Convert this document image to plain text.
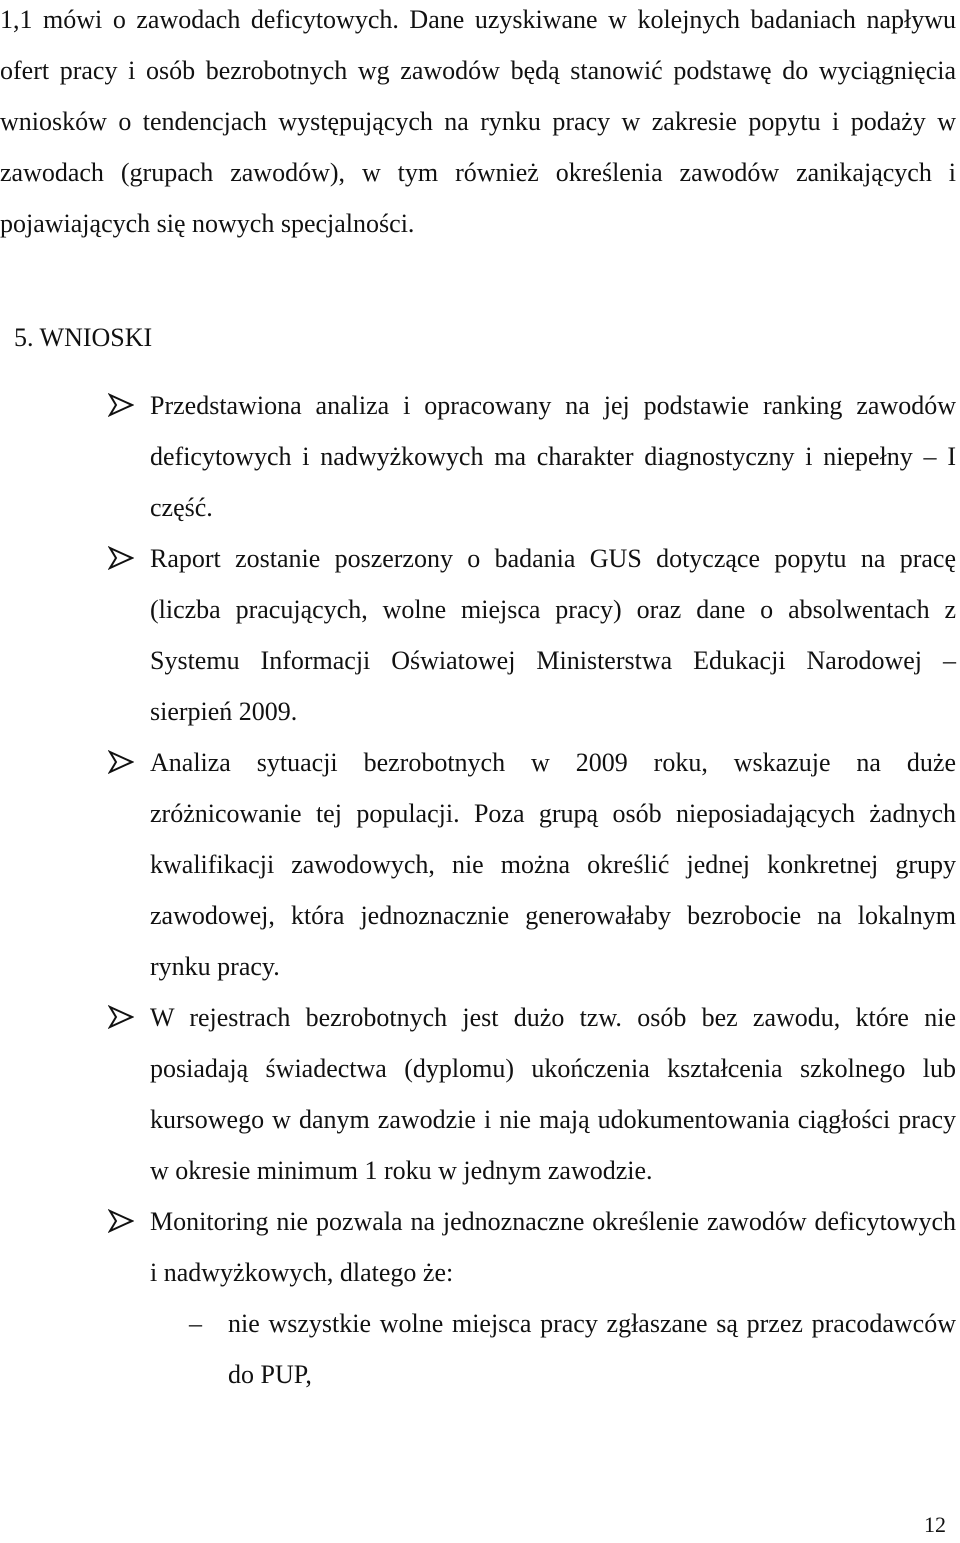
1,1 mówi o zawodach deficytowych. Dane uzyskiwane w kolejnych badaniach napływu ofert pracy i osób bezrobotnych wg zawodów będą stanowić podstawę do wyciągnięcia wniosków o tendencjach występujących na rynku pracy w zakresie popytu i podaży w zawodach (grupach zawodów), w tym również określenia zawodów zanikających i pojawiających się nowych specjalności.

5. WNIOSKI
Przedstawiona analiza i opracowany na jej podstawie ranking zawodów deficytowych i nadwyżkowych ma charakter diagnostyczny i niepełny – I część.
Raport zostanie poszerzony o badania GUS dotyczące popytu na pracę (liczba pracujących, wolne miejsca pracy) oraz dane o absolwentach z Systemu Informacji Oświatowej Ministerstwa Edukacji Narodowej – sierpień 2009.
Analiza sytuacji bezrobotnych w 2009 roku, wskazuje na duże zróżnicowanie tej populacji. Poza grupą osób nieposiadających żadnych kwalifikacji zawodowych, nie można określić jednej konkretnej grupy zawodowej, która jednoznacznie generowałaby bezrobocie na lokalnym rynku pracy.
W rejestrach bezrobotnych jest dużo tzw. osób bez zawodu, które nie posiadają świadectwa (dyplomu) ukończenia kształcenia szkolnego lub kursowego w danym zawodzie i nie mają udokumentowania ciągłości pracy w okresie minimum 1 roku w jednym zawodzie.
Monitoring nie pozwala na jednoznaczne określenie zawodów deficytowych i nadwyżkowych, dlatego że:
– nie wszystkie wolne miejsca pracy zgłaszane są przez pracodawców do PUP,
12
